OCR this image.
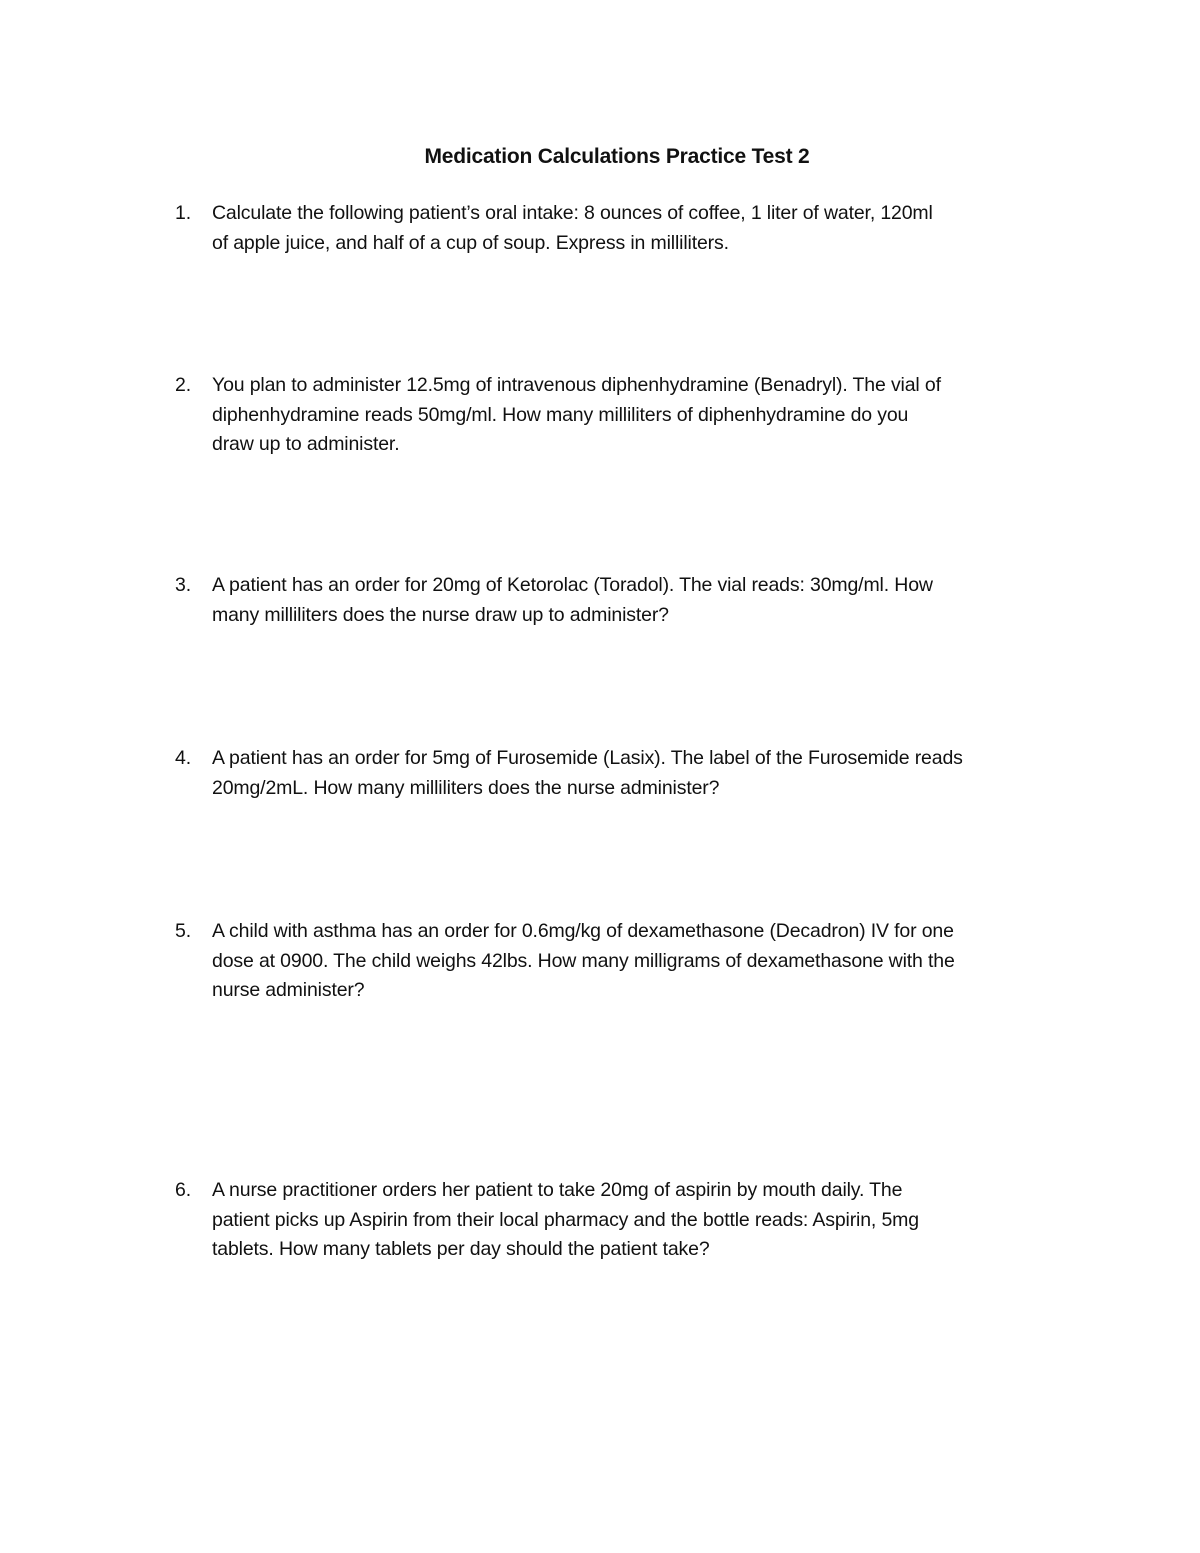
Medication Calculations Practice Test 2
1.	Calculate the following patient’s oral intake: 8 ounces of coffee, 1 liter of water, 120ml
of apple juice, and half of a cup of soup. Express in milliliters.
2.	You plan to administer 12.5mg of intravenous diphenhydramine (Benadryl). The vial of
diphenhydramine reads 50mg/ml. How many milliliters of diphenhydramine do you
draw up to administer.
3.	A patient has an order for 20mg of Ketorolac (Toradol). The vial reads: 30mg/ml. How
many milliliters does the nurse draw up to administer?
4.	A patient has an order for 5mg of Furosemide (Lasix). The label of the Furosemide reads
20mg/2mL. How many milliliters does the nurse administer?
5.	A child with asthma has an order for 0.6mg/kg of dexamethasone (Decadron) IV for one
dose at 0900. The child weighs 42lbs. How many milligrams of dexamethasone with the
nurse administer?
6.	A nurse practitioner orders her patient to take 20mg of aspirin by mouth daily. The
patient picks up Aspirin from their local pharmacy and the bottle reads: Aspirin, 5mg
tablets. How many tablets per day should the patient take?
